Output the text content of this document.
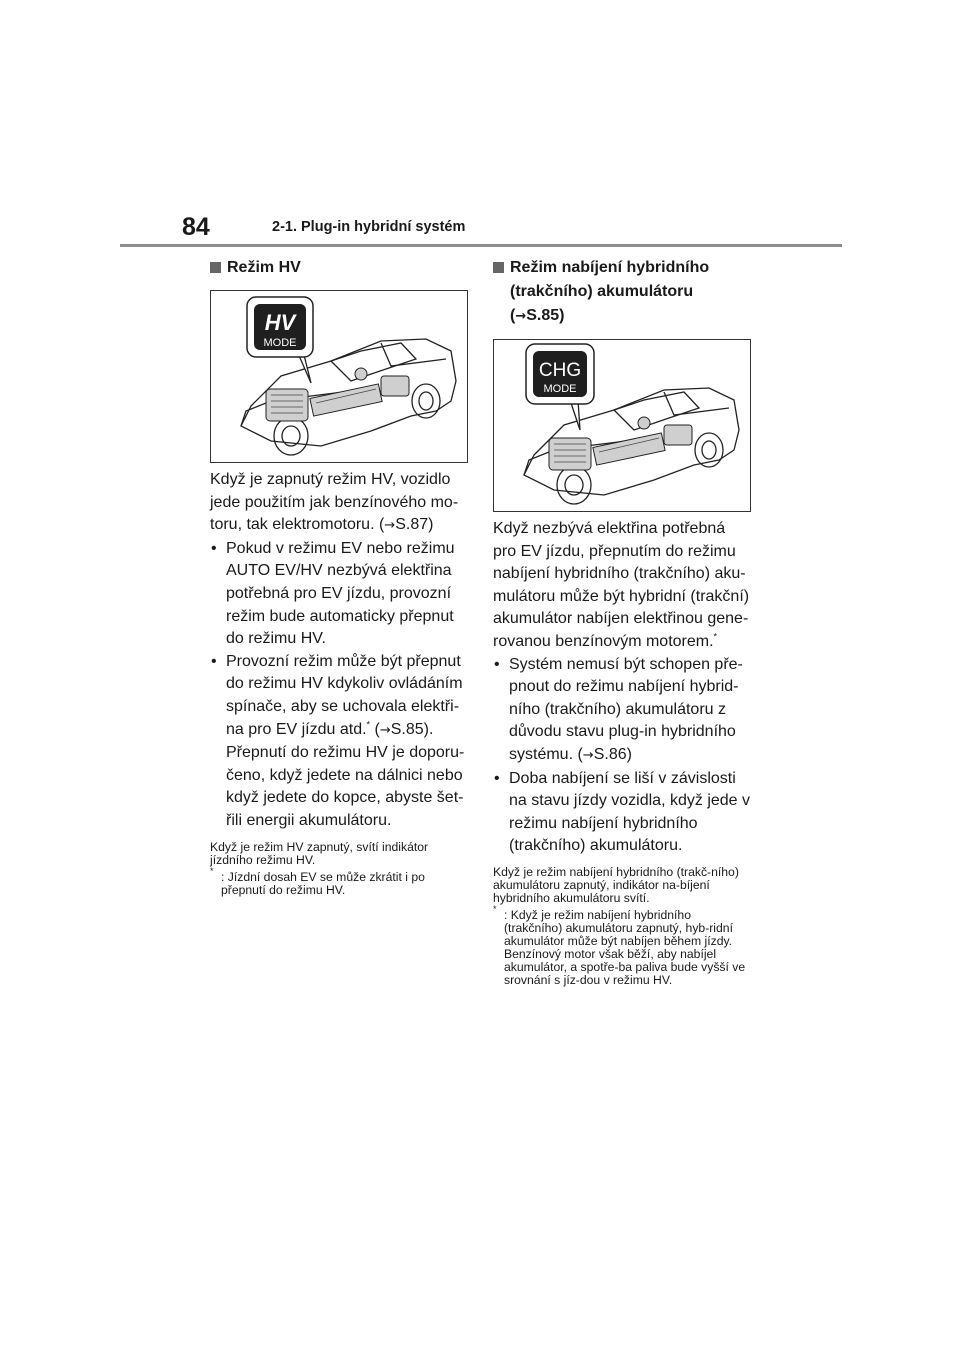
84	2-1. Plug-in hybridní systém
Režim HV
HV
MODE
Když je zapnutý režim HV, vozidlo jede použitím jak benzínového mo-toru, tak elektromotoru. (→S.87)
• Pokud v režimu EV nebo režimu AUTO EV/HV nezbývá elektřina potřebná pro EV jízdu, provozní režim bude automaticky přepnut do režimu HV.
• Provozní režim může být přepnut do režimu HV kdykoliv ovládáním spínače, aby se uchovala elektři-na pro EV jízdu atd.* (→S.85). Přepnutí do režimu HV je doporu-čeno, když jedete na dálnici nebo když jedete do kopce, abyste šet-řili energii akumulátoru.
Když je režim HV zapnutý, svítí indikátor jízdního režimu HV.
* : Jízdní dosah EV se může zkrátit i po přepnutí do režimu HV.
Režim nabíjení hybridního (trakčního) akumulátoru
(→S.85)
CHG
MODE
Když nezbývá elektřina potřebná pro EV jízdu, přepnutím do režimu nabíjení hybridního (trakčního) aku-mulátoru může být hybridní (trakční) akumulátor nabíjen elektřinou gene-rovanou benzínovým motorem.*
• Systém nemusí být schopen pře-pnout do režimu nabíjení hybrid-ního (trakčního) akumulátoru z důvodu stavu plug-in hybridního systému. (→S.86)
• Doba nabíjení se liší v závislosti na stavu jízdy vozidla, když jede v režimu nabíjení hybridního (trakčního) akumulátoru.
Když je režim nabíjení hybridního (trakč-ního) akumulátoru zapnutý, indikátor na-bíjení hybridního akumulátoru svítí.
* : Když je režim nabíjení hybridního (trakčního) akumulátoru zapnutý, hyb-ridní akumulátor může být nabíjen během jízdy. Benzínový motor však běží, aby nabíjel akumulátor, a spotře-ba paliva bude vyšší ve srovnání s jíz-dou v režimu HV.
